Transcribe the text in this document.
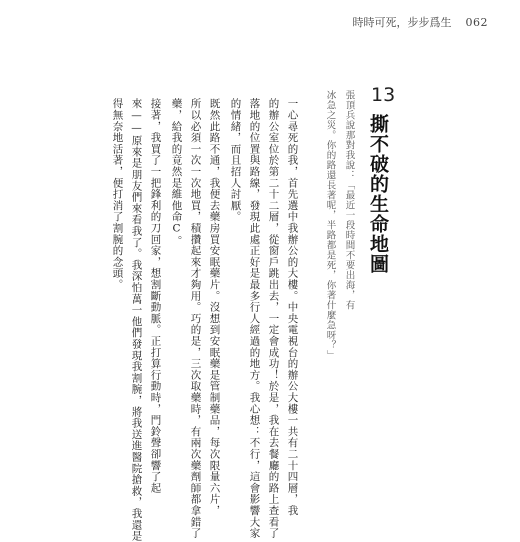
時時可死，步步爲生 062
13
撕不破的生命地圖
張頂兵說那對我說：「最近一段時間不要出海，有
冰急之災。你的路還長著呢，半路都是死，你著什麼急呀？」
一心尋死的我，首先選中我辦公的大樓。中央電視台的辦公大樓一共有二十四層，我
的辦公室位於第二十二層，從窗戶跳出去，一定會成功！於是，我在去餐廳的路上查看了
落地的位置與路線，發現此處正好是最多行人經過的地方。我心想：不行，這會影響大家
的情緒，而且招人討厭。
既然此路不通，我便去藥房買安眠藥片。沒想到安眠藥是管制藥品，每次限量六片，
所以必須一次一次地買，積攢起來才夠用。巧的是，三次取藥時，有兩次藥劑師都拿錯了
藥，給我的竟然是維他命C。
接著，我買了一把鋒利的刀回家，想割斷動脈。正打算行動時，門鈴聲卻響了起
來——原來是朋友們來看我了。我深怕萬一他們發現我割腕，將我送進醫院搶救，我還是
得無奈地活著，便打消了割腕的念頭。
